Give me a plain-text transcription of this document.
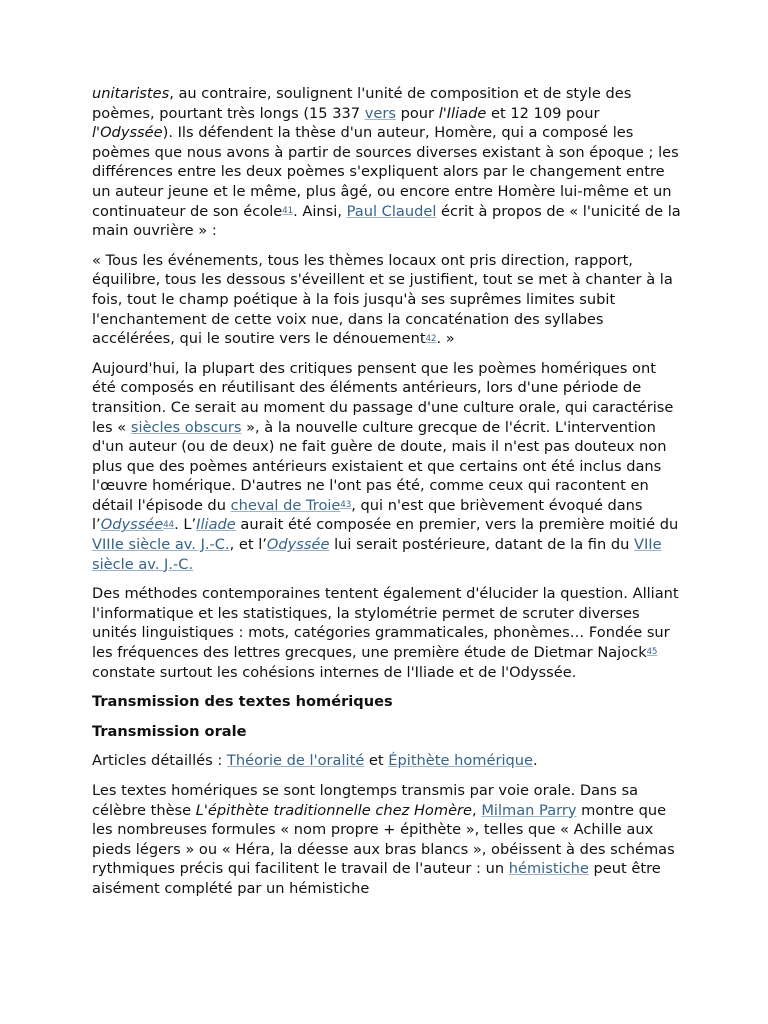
unitaristes, au contraire, soulignent l'unité de composition et de style des poèmes, pourtant très longs (15 337 vers pour l'Iliade et 12 109 pour l'Odyssée). Ils défendent la thèse d'un auteur, Homère, qui a composé les poèmes que nous avons à partir de sources diverses existant à son époque ; les différences entre les deux poèmes s'expliquent alors par le changement entre un auteur jeune et le même, plus âgé, ou encore entre Homère lui-même et un continuateur de son école$^{41}$. Ainsi, Paul Claudel écrit à propos de « l'unicité de la main ouvrière » :

« Tous les événements, tous les thèmes locaux ont pris direction, rapport, équilibre, tous les dessous s'éveillent et se justifient, tout se met à chanter à la fois, tout le champ poétique à la fois jusqu'à ses suprêmes limites subit l'enchantement de cette voix nue, dans la concaténation des syllabes accélérées, qui le soutire vers le dénouement$^{42}$. »

Aujourd'hui, la plupart des critiques pensent que les poèmes homériques ont été composés en réutilisant des éléments antérieurs, lors d'une période de transition. Ce serait au moment du passage d'une culture orale, qui caractérise les « siècles obscurs », à la nouvelle culture grecque de l'écrit. L'intervention d'un auteur (ou de deux) ne fait guère de doute, mais il n'est pas douteux non plus que des poèmes antérieurs existaient et que certains ont été inclus dans l'œuvre homérique. D'autres ne l'ont pas été, comme ceux qui racontent en détail l'épisode du cheval de Troie$^{43}$, qui n'est que brièvement évoqué dans l’Odyssée$^{44}$. L’Iliade aurait été composée en premier, vers la première moitié du VIIIe siècle av. J.-C., et l’Odyssée lui serait postérieure, datant de la fin du VIIe siècle av. J.-C.

Des méthodes contemporaines tentent également d'élucider la question. Alliant l'informatique et les statistiques, la stylométrie permet de scruter diverses unités linguistiques : mots, catégories grammaticales, phonèmes… Fondée sur les fréquences des lettres grecques, une première étude de Dietmar Najock$^{45}$ constate surtout les cohésions internes de l'Iliade et de l'Odyssée.

Transmission des textes homériques

Transmission orale

Articles détaillés : Théorie de l'oralité et Épithète homérique.

Les textes homériques se sont longtemps transmis par voie orale. Dans sa célèbre thèse L'épithète traditionnelle chez Homère, Milman Parry montre que les nombreuses formules « nom propre + épithète », telles que « Achille aux pieds légers » ou « Héra, la déesse aux bras blancs », obéissent à des schémas rythmiques précis qui facilitent le travail de l'auteur : un hémistiche peut être aisément complété par un hémistiche
